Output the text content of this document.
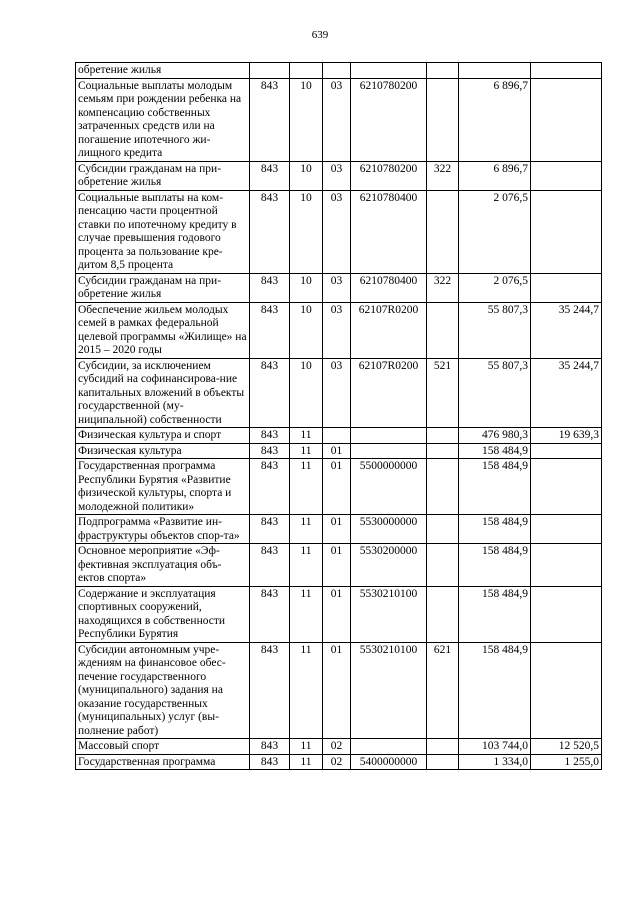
639
обретение жилья							
Социальные выплаты молодым семьям при рождении ребенка на компенсацию собственных затраченных средств или на погашение ипотечного жи-лищного кредита	843	10	03	6210780200		6 896,7	
Субсидии гражданам на при-обретение жилья	843	10	03	6210780200	322	6 896,7	
Социальные выплаты на ком-пенсацию части процентной ставки по ипотечному кредиту в случае превышения годового процента за пользование кре-дитом 8,5 процента	843	10	03	6210780400		2 076,5	
Субсидии гражданам на при-обретение жилья	843	10	03	6210780400	322	2 076,5	
Обеспечение жильем молодых семей в рамках федеральной целевой программы «Жилище» на 2015 – 2020 годы	843	10	03	62107R0200		55 807,3	35 244,7
Субсидии, за исключением субсидий на софинансирова-ние капитальных вложений в объекты государственной (му-ниципальной) собственности	843	10	03	62107R0200	521	55 807,3	35 244,7
Физическая культура и спорт	843	11				476 980,3	19 639,3
Физическая культура	843	11	01			158 484,9	
Государственная программа Республики Бурятия «Развитие физической культуры, спорта и молодежной политики»	843	11	01	5500000000		158 484,9	
Подпрограмма «Развитие ин-фраструктуры объектов спор-та»	843	11	01	5530000000		158 484,9	
Основное мероприятие «Эф-фективная эксплуатация объ-ектов спорта»	843	11	01	5530200000		158 484,9	
Содержание и эксплуатация спортивных сооружений, находящихся в собственности Республики Бурятия	843	11	01	5530210100		158 484,9	
Субсидии автономным учре-ждениям на финансовое обес-печение государственного (муниципального) задания на оказание государственных (муниципальных) услуг (вы-полнение работ)	843	11	01	5530210100	621	158 484,9	
Массовый спорт	843	11	02			103 744,0	12 520,5
Государственная программа	843	11	02	5400000000		1 334,0	1 255,0
